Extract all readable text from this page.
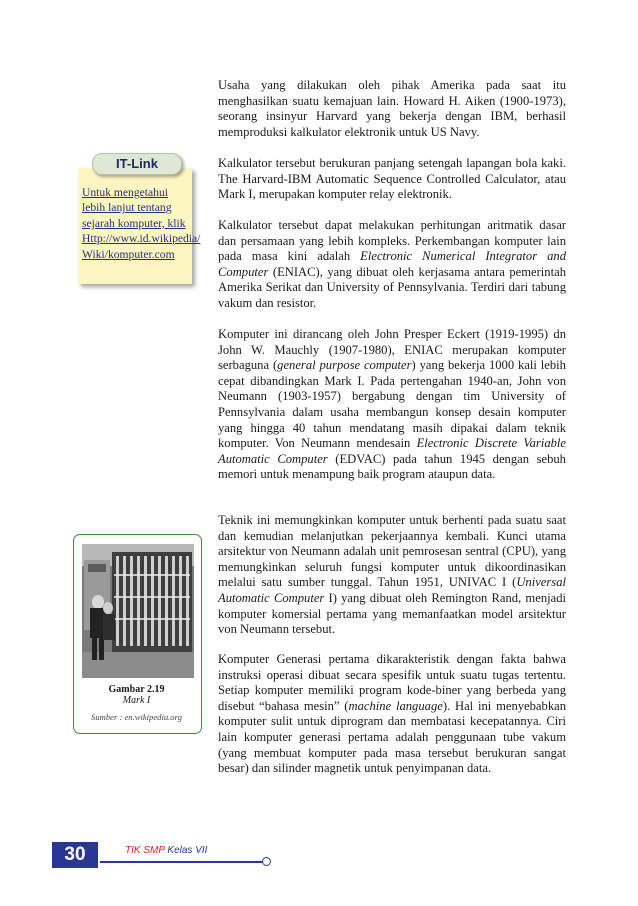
Usaha yang dilakukan oleh pihak Amerika pada saat itu menghasilkan suatu kemajuan lain. Howard H. Aiken (1900-1973), seorang insinyur Harvard yang bekerja dengan IBM, berhasil memproduksi kalkulator elektronik untuk US Navy.

Kalkulator tersebut berukuran panjang setengah lapangan bola kaki. The Harvard-IBM Automatic Sequence Controlled Calculator, atau Mark I, merupakan komputer relay elektronik.

Kalkulator tersebut dapat melakukan perhitungan aritmatik dasar dan persamaan yang lebih kompleks. Perkembangan komputer lain pada masa kini adalah Electronic Numerical Integrator and Computer (ENIAC), yang dibuat oleh kerjasama antara pemerintah Amerika Serikat dan University of Pennsylvania. Terdiri dari tabung vakum dan resistor.

Komputer ini dirancang oleh John Presper Eckert (1919-1995) dn John W. Mauchly (1907-1980), ENIAC merupakan komputer serbaguna (general purpose computer) yang bekerja 1000 kali lebih cepat dibandingkan Mark I. Pada pertengahan 1940-an, John von Neumann (1903-1957) bergabung dengan tim University of Pennsylvania dalam usaha membangun konsep desain komputer yang hingga 40 tahun mendatang masih dipakai dalam teknik komputer. Von Neumann mendesain Electronic Discrete Variable Automatic Computer (EDVAC) pada tahun 1945 dengan sebuh memori untuk menampung baik program ataupun data.

Teknik ini memungkinkan komputer untuk berhenti pada suatu saat dan kemudian melanjutkan pekerjaannya kembali. Kunci utama arsitektur von Neumann adalah unit pemrosesan sentral (CPU), yang memungkinkan seluruh fungsi komputer untuk dikoordinasikan melalui satu sumber tunggal. Tahun 1951, UNIVAC I (Universal Automatic Computer I) yang dibuat oleh Remington Rand, menjadi komputer komersial pertama yang memanfaatkan model arsitektur von Neumann tersebut.

Komputer Generasi pertama dikarakteristik dengan fakta bahwa instruksi operasi dibuat secara spesifik untuk suatu tugas tertentu. Setiap komputer memiliki program kode-biner yang berbeda yang disebut “bahasa mesin” (machine language). Hal ini menyebabkan komputer sulit untuk diprogram dan membatasi kecepatannya. Ciri lain komputer generasi pertama adalah penggunaan tube vakum (yang membuat komputer pada masa tersebut berukuran sangat besar) dan silinder magnetik untuk penyimpanan data.

IT-Link

Untuk mengetahui lebih lanjut tentang sejarah komputer, klik Http://www.id.wikipedia/ Wiki/komputer.com

Gambar 2.19
Mark I
Sumber : en.wikipedia.org
30	TIK SMP Kelas VII
